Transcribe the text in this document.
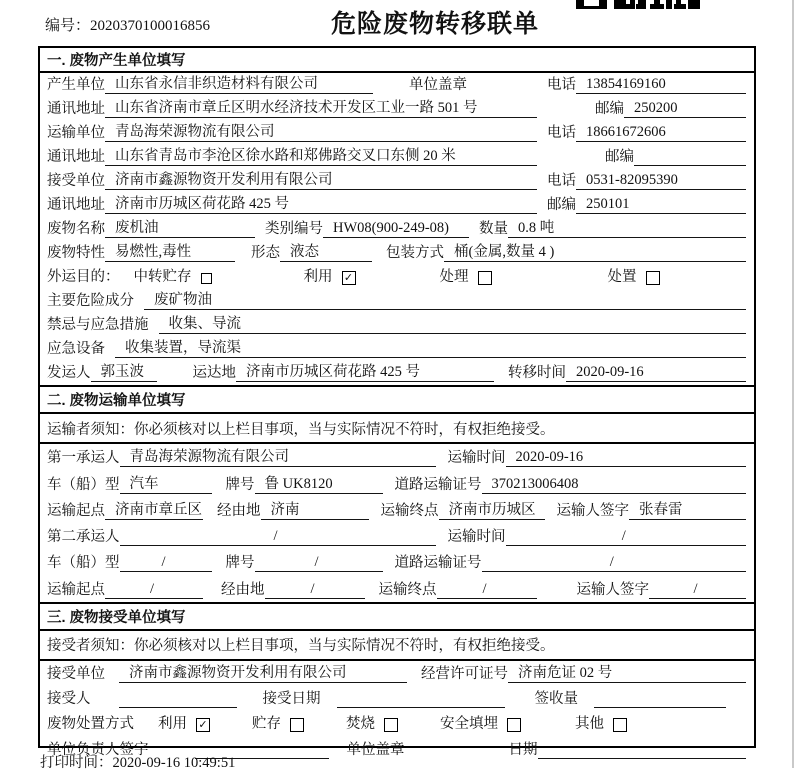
编号：2020370100016856	危险废物转移联单
一. 废物产生单位填写
产生单位 山东省永信非织造材料有限公司	单位盖章	电话 13854169160
通讯地址 山东省济南市章丘区明水经济技术开发区工业一路 501 号	邮编 250200
运输单位 青岛海荣源物流有限公司	电话 18661672606
通讯地址 山东省青岛市李沧区徐水路和郑佛路交叉口东侧 20 米	邮编
接受单位 济南市鑫源物资开发利用有限公司	电话 0531-82095390
通讯地址 济南市历城区荷花路 425 号	邮编 250101
废物名称 废机油	类别编号 HW08(900-249-08)	数量 0.8 吨
废物特性 易燃性,毒性	形态 液态	包装方式 桶(金属,数量 4 )
外运目的： 中转贮存	利用 ✓	处理	处置
主要危险成分	废矿物油
禁忌与应急措施	收集、导流
应急设备	收集装置，导流渠
发运人 郭玉波	运达地 济南市历城区荷花路 425 号	转移时间 2020-09-16
二. 废物运输单位填写
运输者须知：你必须核对以上栏目事项，当与实际情况不符时，有权拒绝接受。
第一承运人 青岛海荣源物流有限公司	运输时间 2020-09-16
车（船）型 汽车	牌号 鲁 UK8120	道路运输证号 370213006408
运输起点 济南市章丘区 经由地 济南	运输终点 济南市历城区	运输人签字 张春雷
第二承运人	/	运输时间	/
车（船）型	/	牌号	/	道路运输证号	/
运输起点	/	经由地	/	运输终点	/	运输人签字	/
三. 废物接受单位填写
接受者须知：你必须核对以上栏目事项，当与实际情况不符时，有权拒绝接受。
接受单位	济南市鑫源物资开发利用有限公司	经营许可证号 济南危证 02 号
接受人	接受日期	签收量
废物处置方式 利用 ✓	贮存	焚烧	安全填埋	其他
单位负责人签字	单位盖章	日期
打印时间：2020-09-16 10:49:51
